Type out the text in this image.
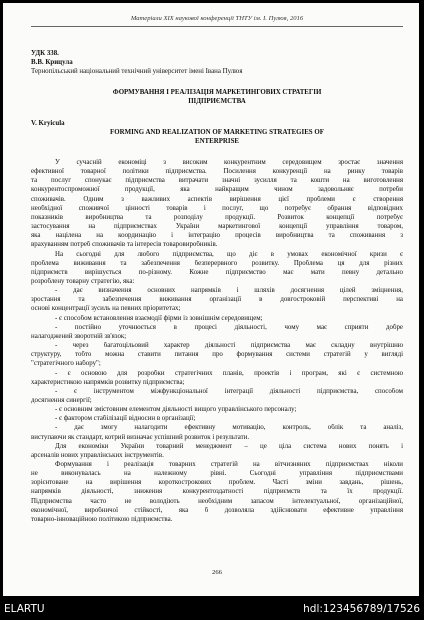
Матеріали XIX наукової конференції ТНТУ ім. І. Пулюя, 2016
УДК 338.
В.В. Крицула
Тернопільський національний технічний університет імені Івана Пулюя
ФОРМУВАННЯ І РЕАЛІЗАЦІЯ МАРКЕТИНГОВИХ СТРАТЕГІЙ
ПІДПРИЄМСТВА
V. Kryicula
FORMING AND REALIZATION OF MARKETING STRATEGIES OF
ENTERPRISE
У сучасній економіці з високим конкурентним середовищем зростає значення
ефективної товарної політики підприємства. Посилення конкуренції на ринку товарів
та послуг спонукає підприємства витрачати значні зусилля та кошти на виготовлення
конкурентоспроможної продукції, яка найкращим чином задовольняє потреби
споживачів. Одним з важливих аспектів вирішення цієї проблеми є створення
необхідної споживчої цінності товарів і послуг, що потребує обрання відповідних
показників виробництва та розподілу продукції. Розвиток концепції потребує
застосування на підприємствах України маркетингової концепції управління товаром,
яка націлена на координацію і інтеграцію процесів виробництва та споживання з
врахуванням потреб споживачів та інтересів товаровиробників.
На сьогодні для любого підприємства, що діє в умовах економічної кризи є
проблема виживання та забезпечення безперервного розвитку. Проблема ця для різних
підприємств вирішується по-різному. Кожне підприємство має мати певну детально
розроблену товарну стратегію, яка:
- дає визначення основних напрямків і шляхів досягнення цілей зміцнення,
зростання та забезпечення виживання організації в довгостроковій перспективі на
основі концентрації зусиль на певних пріоритетах;
- є способом встановлення взаємодії фірми із зовнішнім середовищем;
- постійно уточнюється в процесі діяльності, чому має сприяти добре
налагоджений зворотній зв'язок;
- через багатоцільовий характер діяльності підприємства має складну внутрішню
структуру, тобто можна ставити питання про формування системи стратегій у вигляді
"стратегічного набору";
- є основою для розробки стратегічних планів, проектів і програм, які є системною
характеристикою напрямків розвитку підприємства;
- є інструментом міжфункціональної інтеграції діяльності підприємства, способом
досягнення синергії;
- є основним змістовним елементом діяльності вищого управлінського персоналу;
- є фактором стабілізації відносин в організації;
- дає змогу налагодити ефективну мотивацію, контроль, облік та аналіз,
виступаючи як стандарт, котрий визначає успішний розвиток і результати.
Для економіки України товарний менеджмент – це ціла система нових понять і
арсеналів нових управлінських інструментів.
Формування і реалізація товарних стратегій на вітчизняних підприємствах ніколи
не виконувалась на належному рівні. Сьогодні управління підприємствами
зорієнтоване на вирішення короткострокових проблем. Часті зміни завдань, рішень,
напрямків діяльності, зниження конкурентоздатності підприємств та їх продукції.
Підприємства часто не володіють необхідним запасом інтелектуальної, організаційної,
економічної, виробничої стійкості, яка б дозволяла здійснювати ефективне управління
товарно-інноваційною політикою підприємства.
266
ELARTU	hdl:123456789/17526
